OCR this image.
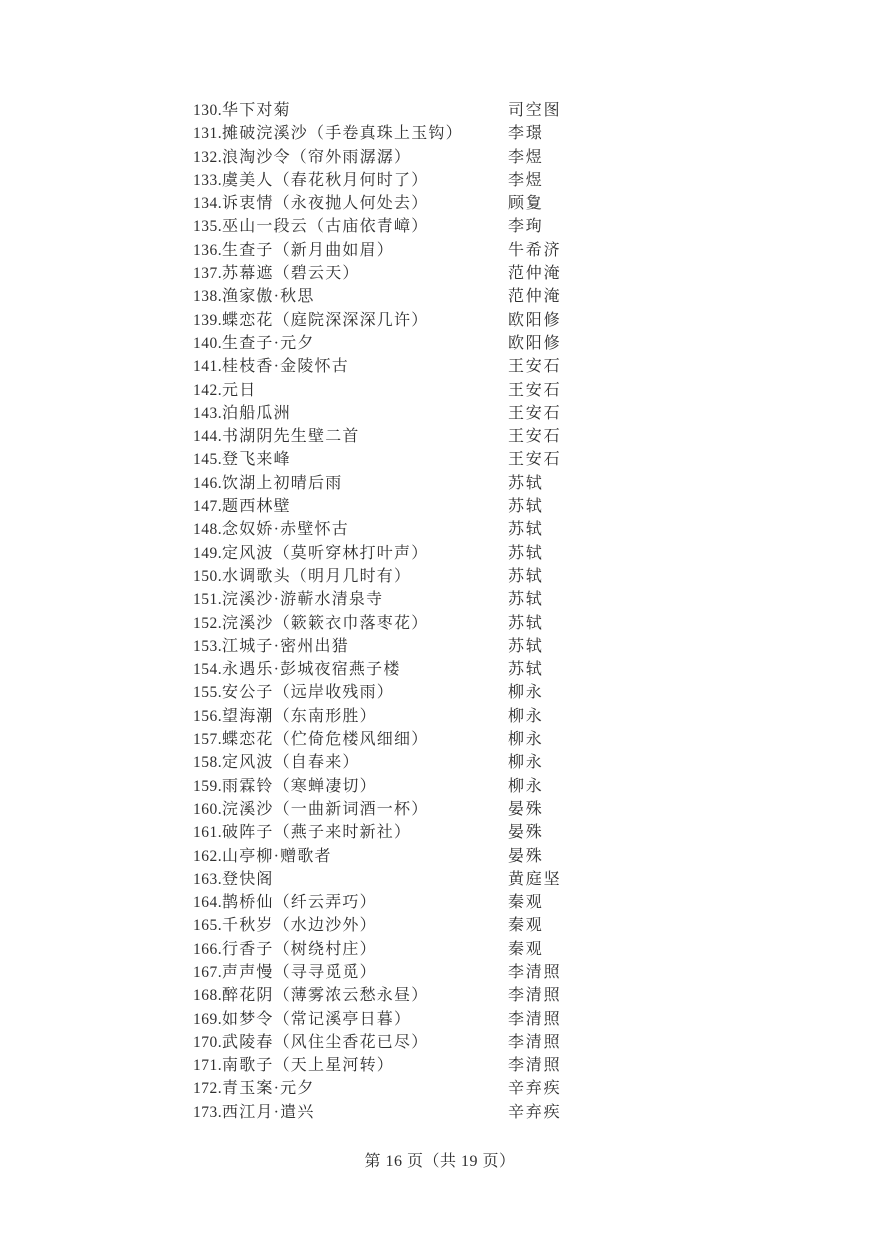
130.华下对菊	司空图
131.摊破浣溪沙（手卷真珠上玉钩）	李璟
132.浪淘沙令（帘外雨潺潺）	李煜
133.虞美人（春花秋月何时了）	李煜
134.诉衷情（永夜抛人何处去）	顾夐
135.巫山一段云（古庙依青嶂）	李珣
136.生查子（新月曲如眉）	牛希济
137.苏幕遮（碧云天）	范仲淹
138.渔家傲·秋思	范仲淹
139.蝶恋花（庭院深深深几许）	欧阳修
140.生查子·元夕	欧阳修
141.桂枝香·金陵怀古	王安石
142.元日	王安石
143.泊船瓜洲	王安石
144.书湖阴先生壁二首	王安石
145.登飞来峰	王安石
146.饮湖上初晴后雨	苏轼
147.题西林壁	苏轼
148.念奴娇·赤壁怀古	苏轼
149.定风波（莫听穿林打叶声）	苏轼
150.水调歌头（明月几时有）	苏轼
151.浣溪沙·游蕲水清泉寺	苏轼
152.浣溪沙（簌簌衣巾落枣花）	苏轼
153.江城子·密州出猎	苏轼
154.永遇乐·彭城夜宿燕子楼	苏轼
155.安公子（远岸收残雨）	柳永
156.望海潮（东南形胜）	柳永
157.蝶恋花（伫倚危楼风细细）	柳永
158.定风波（自春来）	柳永
159.雨霖铃（寒蝉凄切）	柳永
160.浣溪沙（一曲新词酒一杯）	晏殊
161.破阵子（燕子来时新社）	晏殊
162.山亭柳·赠歌者	晏殊
163.登快阁	黄庭坚
164.鹊桥仙（纤云弄巧）	秦观
165.千秋岁（水边沙外）	秦观
166.行香子（树绕村庄）	秦观
167.声声慢（寻寻觅觅）	李清照
168.醉花阴（薄雾浓云愁永昼）	李清照
169.如梦令（常记溪亭日暮）	李清照
170.武陵春（风住尘香花已尽）	李清照
171.南歌子（天上星河转）	李清照
172.青玉案·元夕	辛弃疾
173.西江月·遣兴	辛弃疾
第 16 页（共 19 页）
